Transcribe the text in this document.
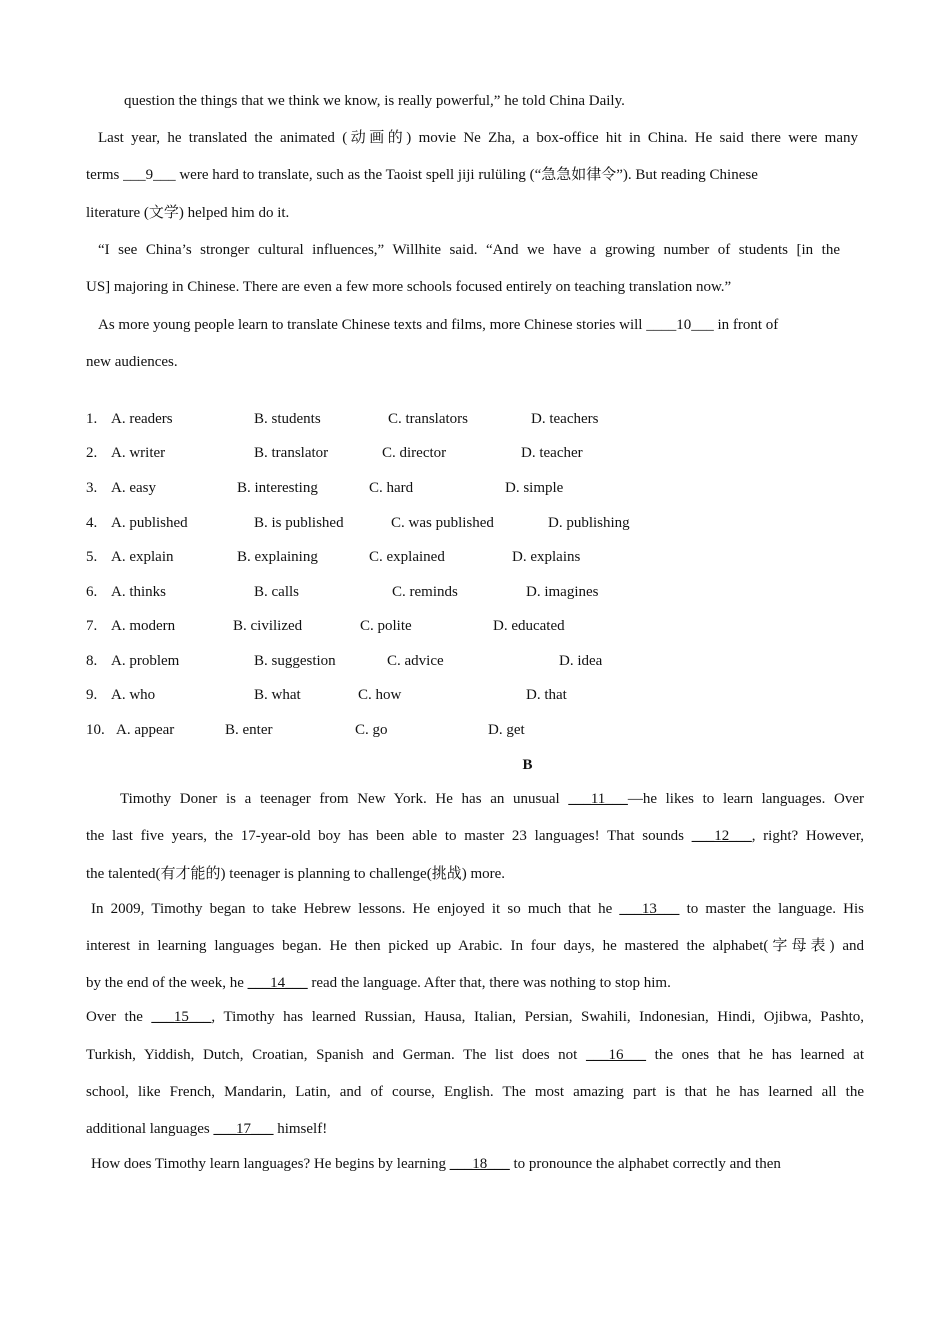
question the things that we think we know, is really powerful,” he told China Daily.
Last year, he translated the animated (动画的) movie Ne Zha, a box-office hit in China. He said there were many
terms ___9___ were hard to translate, such as the Taoist spell jiji rulüling (“急急如律令”). But reading Chinese
literature (文学) helped him do it.
“I see China’s stronger cultural influences,” Willhite said. “And we have a growing number of students [in the
US] majoring in Chinese. There are even a few more schools focused entirely on teaching translation now.”
As more young people learn to translate Chinese texts and films, more Chinese stories will ____10___ in front of
new audiences.
1. A. readers	B. students	C. translators	D. teachers
2. A. writer	B. translator	C. director	D. teacher
3. A. easy	B. interesting	C. hard	D. simple
4. A. published	B. is published	C. was published	D. publishing
5. A. explain	B. explaining	C. explained	D. explains
6. A. thinks	B. calls	C. reminds	D. imagines
7. A. modern	B. civilized	C. polite	D. educated
8. A. problem	B. suggestion	C. advice	D. idea
9. A. who	B. what	C. how	D. that
10. A. appear	B. enter	C. go	D. get
B
Timothy Doner is a teenager from New York. He has an unusual ___11___—he likes to learn languages. Over
the last five years, the 17-year-old boy has been able to master 23 languages! That sounds ___12___, right? However,
the talented(有才能的) teenager is planning to challenge(挑战) more.
In 2009, Timothy began to take Hebrew lessons. He enjoyed it so much that he ___13___ to master the language. His
interest in learning languages began. He then picked up Arabic. In four days, he mastered the alphabet(字母表) and
by the end of the week, he ___14___ read the language. After that, there was nothing to stop him.
Over the ___15___, Timothy has learned Russian, Hausa, Italian, Persian, Swahili, Indonesian, Hindi, Ojibwa, Pashto,
Turkish, Yiddish, Dutch, Croatian, Spanish and German. The list does not ___16___ the ones that he has learned at
school, like French, Mandarin, Latin, and of course, English. The most amazing part is that he has learned all the
additional languages ___17___ himself!
How does Timothy learn languages? He begins by learning ___18___ to pronounce the alphabet correctly and then
